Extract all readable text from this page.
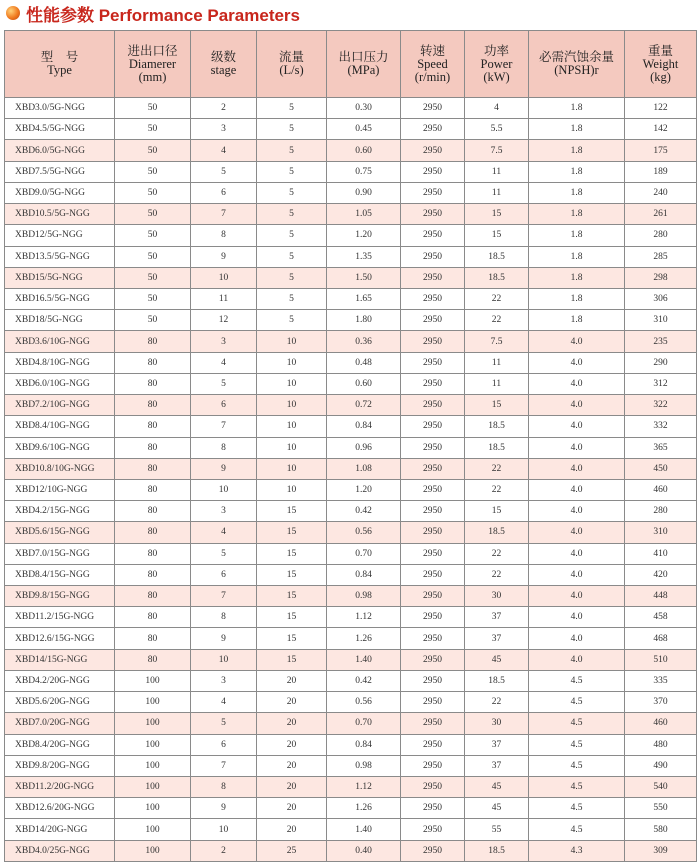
性能参数 Performance Parameters
型　号
Type	进出口径
Diamerer
(mm)	级数
stage	流量
(L/s)	出口压力
(MPa)	转速
Speed
(r/min)	功率
Power
(kW)	必需汽蚀余量
(NPSH)r	重量
Weight
(kg)

XBD3.0/5G-NGG	50	2	5	0.30	2950	4	1.8	122
XBD4.5/5G-NGG	50	3	5	0.45	2950	5.5	1.8	142
XBD6.0/5G-NGG	50	4	5	0.60	2950	7.5	1.8	175
XBD7.5/5G-NGG	50	5	5	0.75	2950	11	1.8	189
XBD9.0/5G-NGG	50	6	5	0.90	2950	11	1.8	240
XBD10.5/5G-NGG	50	7	5	1.05	2950	15	1.8	261
XBD12/5G-NGG	50	8	5	1.20	2950	15	1.8	280
XBD13.5/5G-NGG	50	9	5	1.35	2950	18.5	1.8	285
XBD15/5G-NGG	50	10	5	1.50	2950	18.5	1.8	298
XBD16.5/5G-NGG	50	11	5	1.65	2950	22	1.8	306
XBD18/5G-NGG	50	12	5	1.80	2950	22	1.8	310
XBD3.6/10G-NGG	80	3	10	0.36	2950	7.5	4.0	235
XBD4.8/10G-NGG	80	4	10	0.48	2950	11	4.0	290
XBD6.0/10G-NGG	80	5	10	0.60	2950	11	4.0	312
XBD7.2/10G-NGG	80	6	10	0.72	2950	15	4.0	322
XBD8.4/10G-NGG	80	7	10	0.84	2950	18.5	4.0	332
XBD9.6/10G-NGG	80	8	10	0.96	2950	18.5	4.0	365
XBD10.8/10G-NGG	80	9	10	1.08	2950	22	4.0	450
XBD12/10G-NGG	80	10	10	1.20	2950	22	4.0	460
XBD4.2/15G-NGG	80	3	15	0.42	2950	15	4.0	280
XBD5.6/15G-NGG	80	4	15	0.56	2950	18.5	4.0	310
XBD7.0/15G-NGG	80	5	15	0.70	2950	22	4.0	410
XBD8.4/15G-NGG	80	6	15	0.84	2950	22	4.0	420
XBD9.8/15G-NGG	80	7	15	0.98	2950	30	4.0	448
XBD11.2/15G-NGG	80	8	15	1.12	2950	37	4.0	458
XBD12.6/15G-NGG	80	9	15	1.26	2950	37	4.0	468
XBD14/15G-NGG	80	10	15	1.40	2950	45	4.0	510
XBD4.2/20G-NGG	100	3	20	0.42	2950	18.5	4.5	335
XBD5.6/20G-NGG	100	4	20	0.56	2950	22	4.5	370
XBD7.0/20G-NGG	100	5	20	0.70	2950	30	4.5	460
XBD8.4/20G-NGG	100	6	20	0.84	2950	37	4.5	480
XBD9.8/20G-NGG	100	7	20	0.98	2950	37	4.5	490
XBD11.2/20G-NGG	100	8	20	1.12	2950	45	4.5	540
XBD12.6/20G-NGG	100	9	20	1.26	2950	45	4.5	550
XBD14/20G-NGG	100	10	20	1.40	2950	55	4.5	580
XBD4.0/25G-NGG	100	2	25	0.40	2950	18.5	4.3	309
